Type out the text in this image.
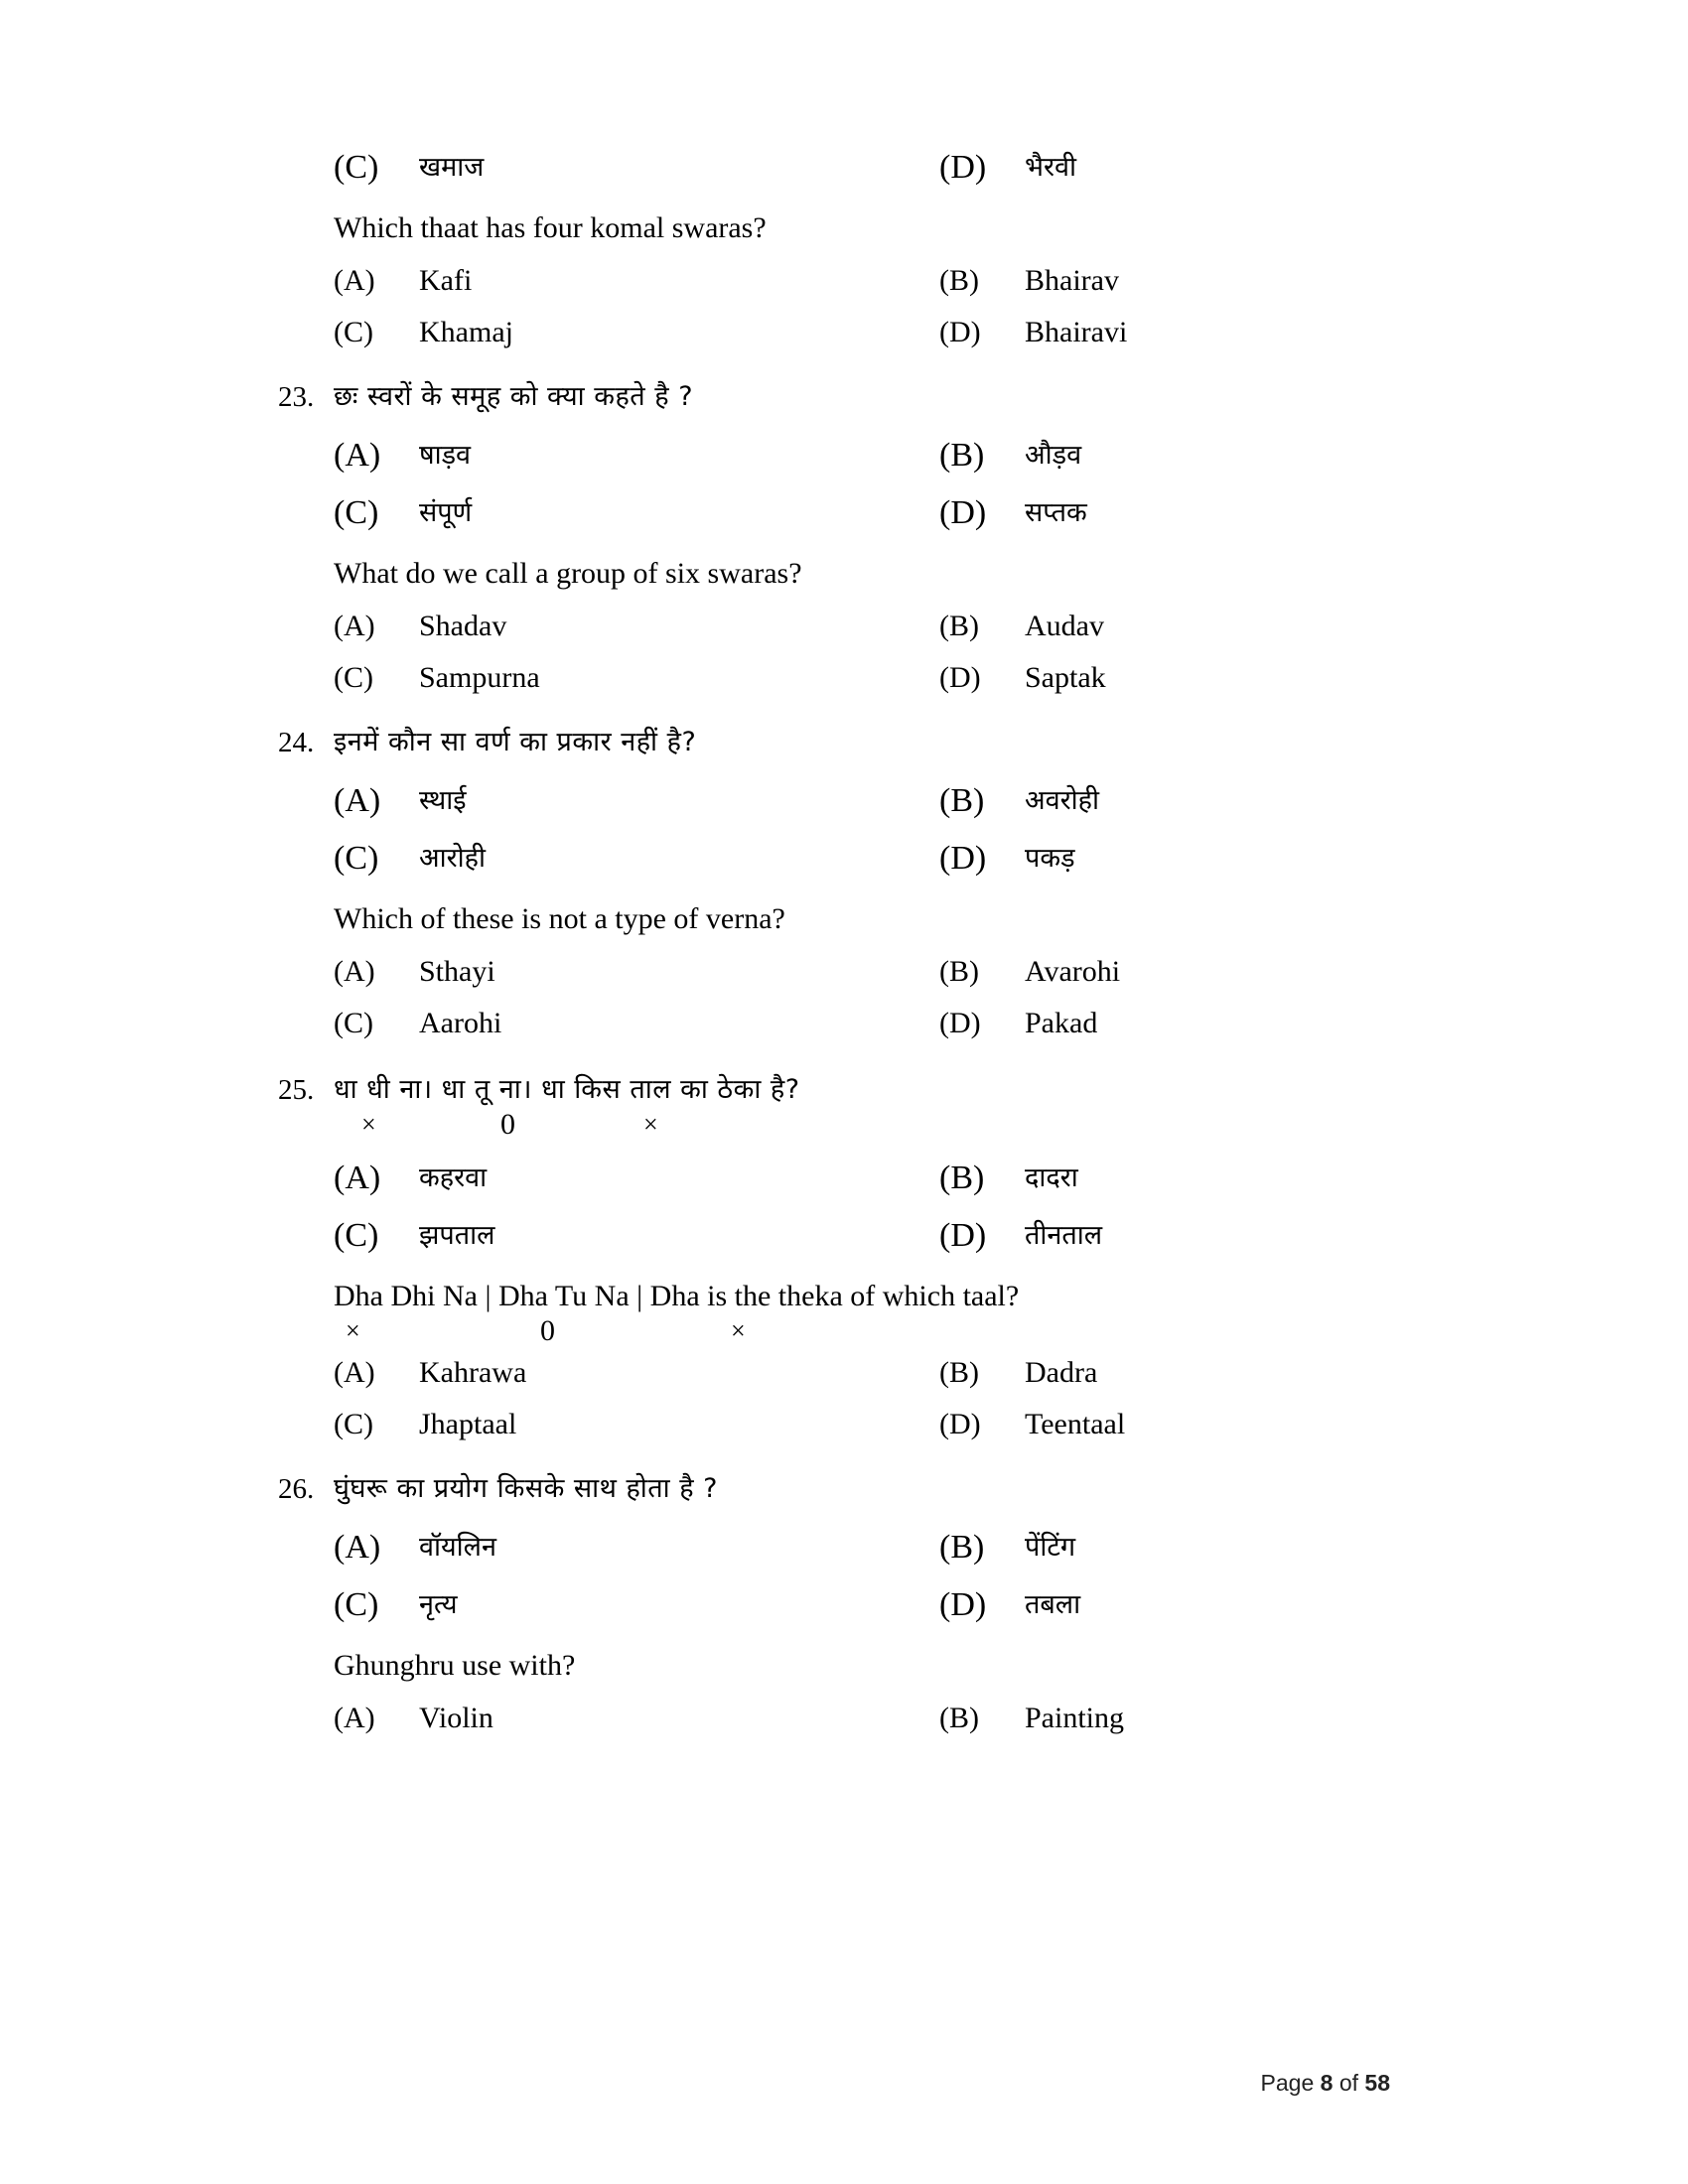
(C)	खमाज	(D)	भैरवी
Which thaat has four komal swaras?
(A)	Kafi	(B)	Bhairav
(C)	Khamaj	(D)	Bhairavi
23. छः स्वरों के समूह को क्या कहते है ?
(A)	षाड़व	(B)	औड़व
(C)	संपूर्ण	(D)	सप्तक
What do we call a group of six swaras?
(A)	Shadav	(B)	Audav
(C)	Sampurna	(D)	Saptak
24. इनमें कौन सा वर्ण का प्रकार नहीं है?
(A)	स्थाई	(B)	अवरोही
(C)	आरोही	(D)	पकड़
Which of these is not a type of verna?
(A)	Sthayi	(B)	Avarohi
(C)	Aarohi	(D)	Pakad
25. धा धी ना। धा तू ना। धा किस ताल का ठेका है?
×	0	×
(A)	कहरवा	(B)	दादरा
(C)	झपताल	(D)	तीनताल
Dha Dhi Na | Dha Tu Na | Dha is the theka of which taal?
×	0	×
(A)	Kahrawa	(B)	Dadra
(C)	Jhaptaal	(D)	Teentaal
26. घुंघरू का प्रयोग किसके साथ होता है ?
(A)	वॉयलिन	(B)	पेंटिंग
(C)	नृत्य	(D)	तबला
Ghunghru use with?
(A)	Violin	(B)	Painting
Page 8 of 58
